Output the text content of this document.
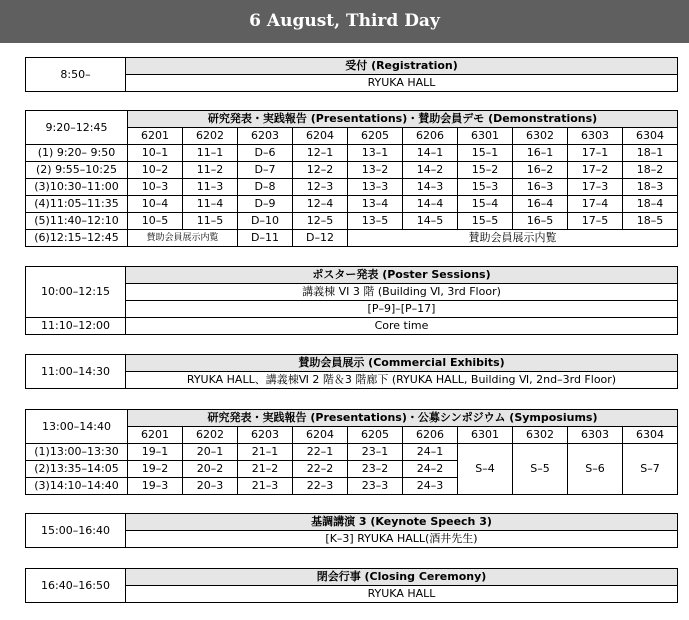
6 August, Third Day
8:50–	受付 (Registration)
RYUKA HALL
9:20–12:45	研究発表・実践報告 (Presentations)・賛助会員デモ (Demonstrations)									
	6201	6202	6203	6204	6205	6206	6301	6302	6303	6304
(1) 9:20– 9:50	10–1	11–1	D–6	12–1	13–1	14–1	15–1	16–1	17–1	18–1
(2) 9:55–10:25	10–2	11–2	D–7	12–2	13–2	14–2	15–2	16–2	17–2	18–2
(3)10:30–11:00	10–3	11–3	D–8	12–3	13–3	14–3	15–3	16–3	17–3	18–3
(4)11:05–11:35	10–4	11–4	D–9	12–4	13–4	14–4	15–4	16–4	17–4	18–4
(5)11:40–12:10	10–5	11–5	D–10	12–5	13–5	14–5	15–5	16–5	17–5	18–5
(6)12:15–12:45	賛助会員展示内覧		D–11	D–12	賛助会員展示内覧					
10:00–12:15	ポスター発表 (Poster Sessions)
	講義棟 VI 3 階 (Building Ⅵ, 3rd Floor)
	[P–9]–[P–17]
11:10–12:00	Core time
11:00–14:30	賛助会員展示 (Commercial Exhibits)
RYUKA HALL、講義棟Ⅵ 2 階＆3 階廊下 (RYUKA HALL, Building Ⅵ, 2nd–3rd Floor)
13:00–14:40	研究発表・実践報告 (Presentations)・公募シンポジウム (Symposiums)									
	6201	6202	6203	6204	6205	6206	6301	6302	6303	6304
(1)13:00–13:30	19–1	20–1	21–1	22–1	23–1	24–1	S–4	S–5	S–6	S–7
(2)13:35–14:05	19–2	20–2	21–2	22–2	23–2	24–2				
(3)14:10–14:40	19–3	20–3	21–3	22–3	23–3	24–3				
15:00–16:40	基調講演 3 (Keynote Speech 3)
[K–3] RYUKA HALL(酒井先生)
16:40–16:50	閉会行事 (Closing Ceremony)
RYUKA HALL
